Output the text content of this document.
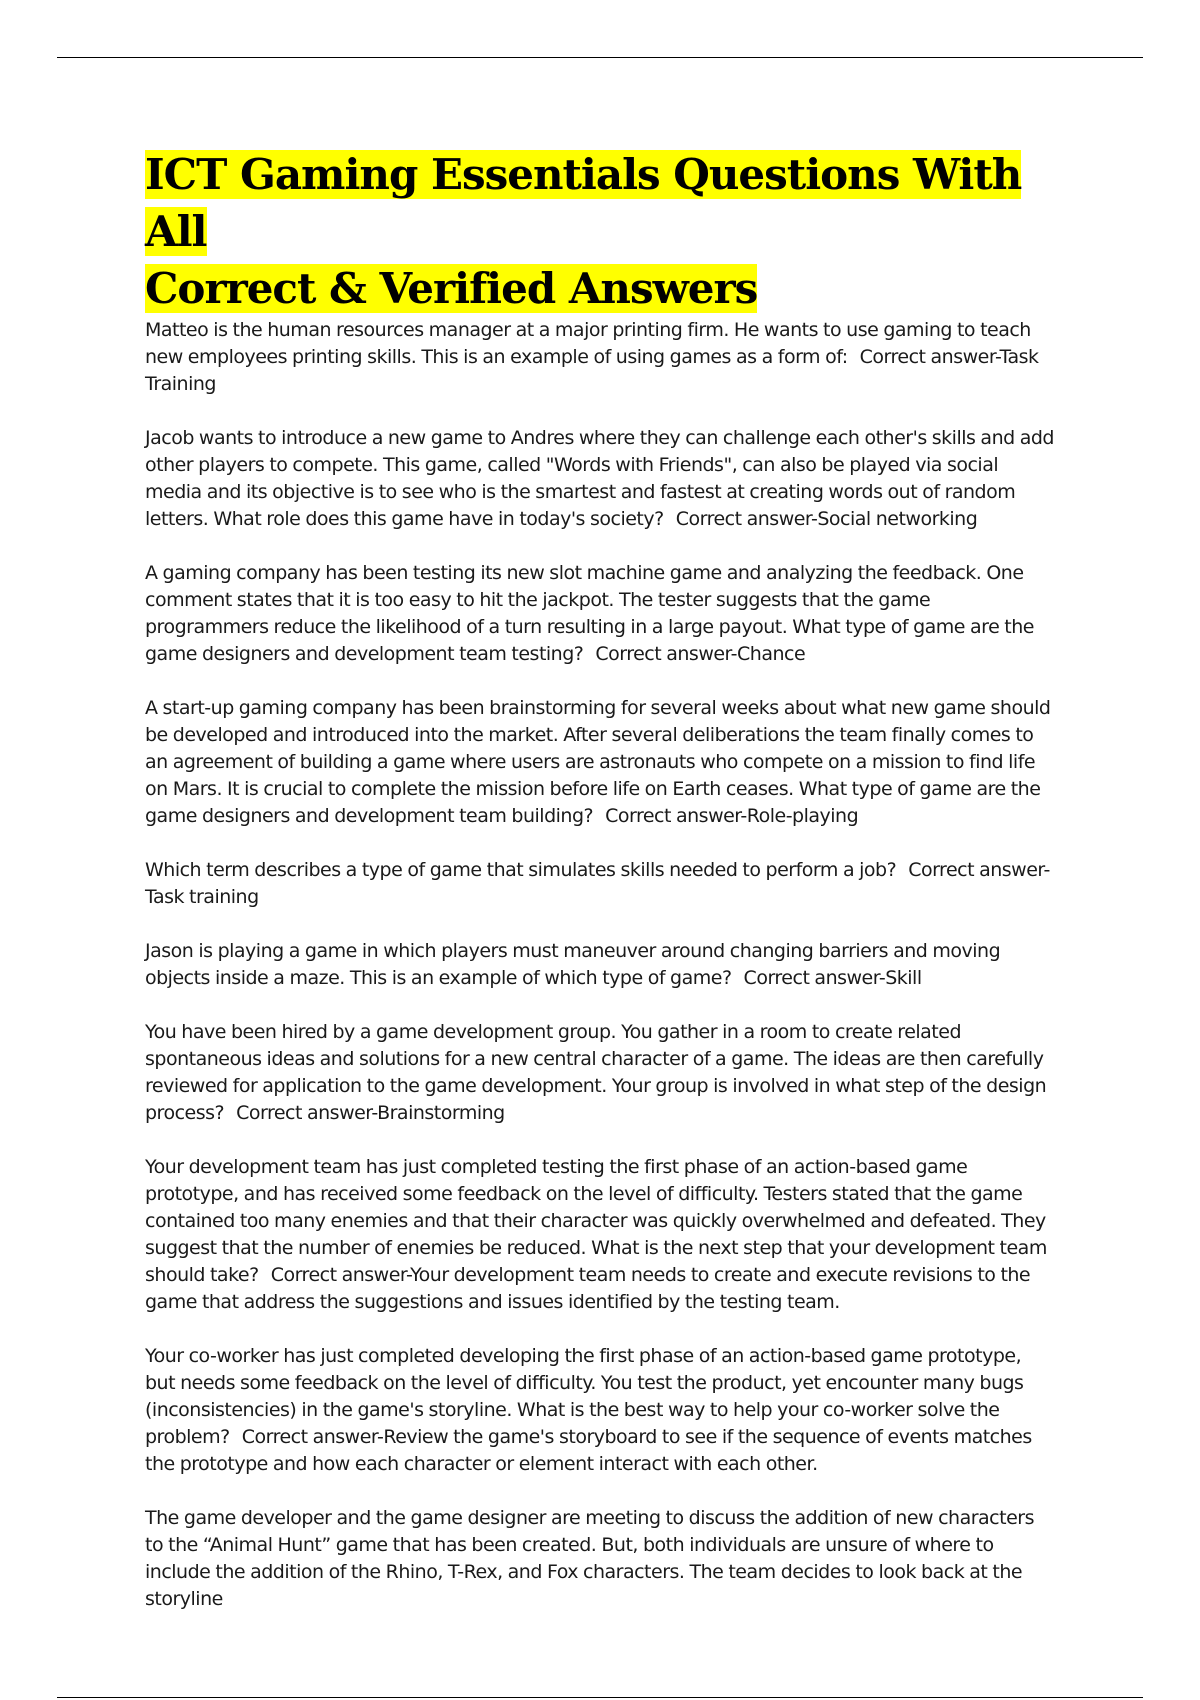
ICT Gaming Essentials Questions With All
Correct & Verified Answers

Matteo is the human resources manager at a major printing firm. He wants to use gaming to teach new employees printing skills. This is an example of using games as a form of: Correct answer-Task Training

Jacob wants to introduce a new game to Andres where they can challenge each other's skills and add other players to compete. This game, called "Words with Friends", can also be played via social media and its objective is to see who is the smartest and fastest at creating words out of random letters. What role does this game have in today's society? Correct answer-Social networking

A gaming company has been testing its new slot machine game and analyzing the feedback. One comment states that it is too easy to hit the jackpot. The tester suggests that the game programmers reduce the likelihood of a turn resulting in a large payout. What type of game are the game designers and development team testing? Correct answer-Chance

A start-up gaming company has been brainstorming for several weeks about what new game should be developed and introduced into the market. After several deliberations the team finally comes to an agreement of building a game where users are astronauts who compete on a mission to find life on Mars. It is crucial to complete the mission before life on Earth ceases. What type of game are the game designers and development team building? Correct answer-Role-playing

Which term describes a type of game that simulates skills needed to perform a job? Correct answer-Task training

Jason is playing a game in which players must maneuver around changing barriers and moving objects inside a maze. This is an example of which type of game? Correct answer-Skill

You have been hired by a game development group. You gather in a room to create related spontaneous ideas and solutions for a new central character of a game. The ideas are then carefully reviewed for application to the game development. Your group is involved in what step of the design process? Correct answer-Brainstorming

Your development team has just completed testing the first phase of an action-based game prototype, and has received some feedback on the level of difficulty. Testers stated that the game contained too many enemies and that their character was quickly overwhelmed and defeated. They suggest that the number of enemies be reduced. What is the next step that your development team should take? Correct answer-Your development team needs to create and execute revisions to the game that address the suggestions and issues identified by the testing team.

Your co-worker has just completed developing the first phase of an action-based game prototype, but needs some feedback on the level of difficulty. You test the product, yet encounter many bugs (inconsistencies) in the game's storyline. What is the best way to help your co-worker solve the problem? Correct answer-Review the game's storyboard to see if the sequence of events matches the prototype and how each character or element interact with each other.

The game developer and the game designer are meeting to discuss the addition of new characters to the “Animal Hunt” game that has been created. But, both individuals are unsure of where to include the addition of the Rhino, T-Rex, and Fox characters. The team decides to look back at the storyline
